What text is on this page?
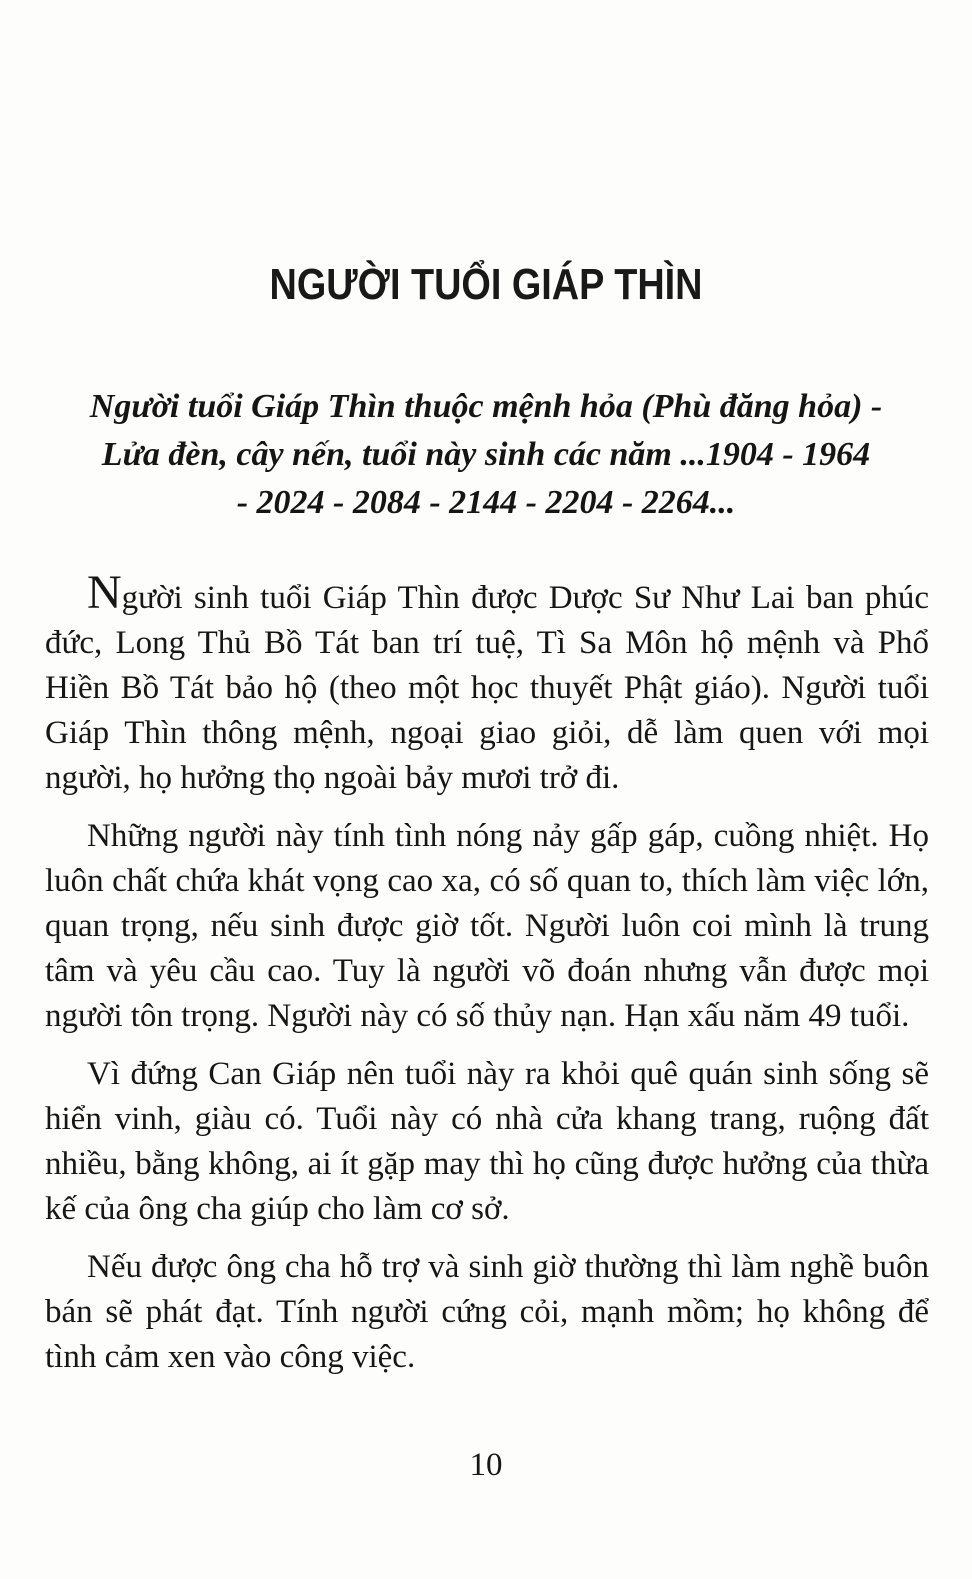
NGƯỜI TUỔI GIÁP THÌN
Người tuổi Giáp Thìn thuộc mệnh hỏa (Phù đăng hỏa) -
Lửa đèn, cây nến, tuổi này sinh các năm ...1904 - 1964
- 2024 - 2084 - 2144 - 2204 - 2264...

Người sinh tuổi Giáp Thìn được Dược Sư Như Lai ban phúc đức, Long Thủ Bồ Tát ban trí tuệ, Tì Sa Môn hộ mệnh và Phổ Hiền Bồ Tát bảo hộ (theo một học thuyết Phật giáo). Người tuổi Giáp Thìn thông mệnh, ngoại giao giỏi, dễ làm quen với mọi người, họ hưởng thọ ngoài bảy mươi trở đi.

Những người này tính tình nóng nảy gấp gáp, cuồng nhiệt. Họ luôn chất chứa khát vọng cao xa, có số quan to, thích làm việc lớn, quan trọng, nếu sinh được giờ tốt. Người luôn coi mình là trung tâm và yêu cầu cao. Tuy là người võ đoán nhưng vẫn được mọi người tôn trọng. Người này có số thủy nạn. Hạn xấu năm 49 tuổi.

Vì đứng Can Giáp nên tuổi này ra khỏi quê quán sinh sống sẽ hiển vinh, giàu có. Tuổi này có nhà cửa khang trang, ruộng đất nhiều, bằng không, ai ít gặp may thì họ cũng được hưởng của thừa kế của ông cha giúp cho làm cơ sở.

Nếu được ông cha hỗ trợ và sinh giờ thường thì làm nghề buôn bán sẽ phát đạt. Tính người cứng cỏi, mạnh mồm; họ không để tình cảm xen vào công việc.

10
